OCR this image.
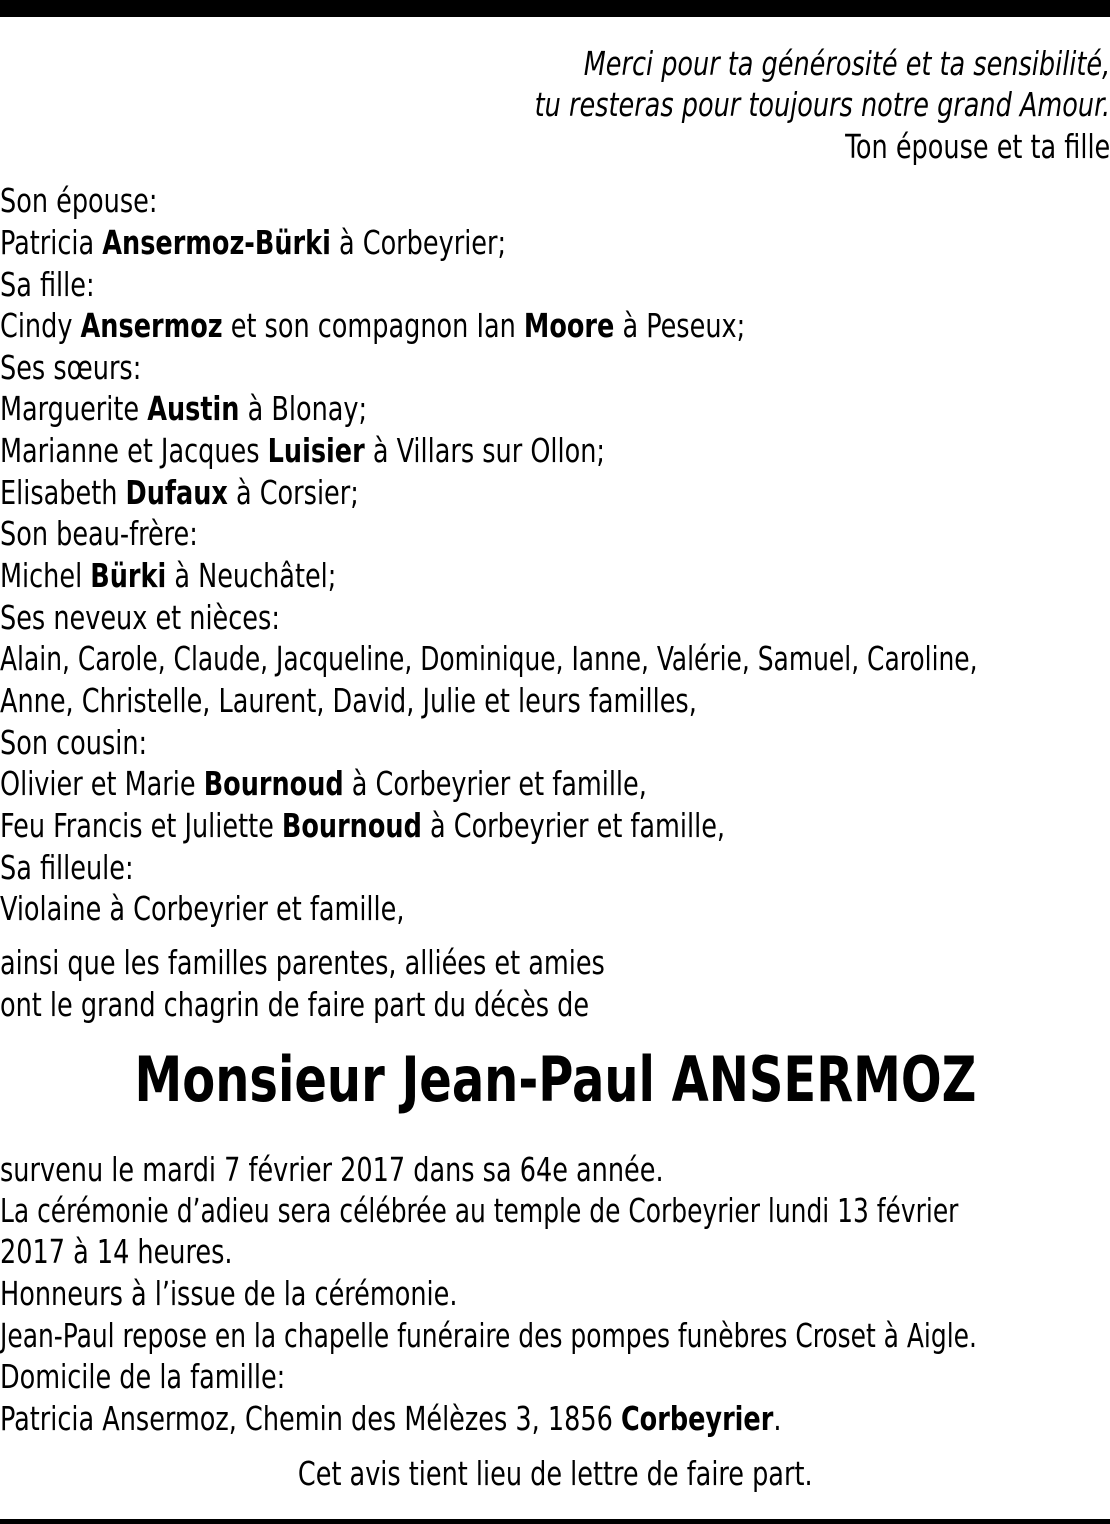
Merci pour ta générosité et ta sensibilité,
tu resteras pour toujours notre grand Amour.
Ton épouse et ta fille
Son épouse:
Patricia Ansermoz-Bürki à Corbeyrier;
Sa fille:
Cindy Ansermoz et son compagnon Ian Moore à Peseux;
Ses sœurs:
Marguerite Austin à Blonay;
Marianne et Jacques Luisier à Villars sur Ollon;
Elisabeth Dufaux à Corsier;
Son beau-frère:
Michel Bürki à Neuchâtel;
Ses neveux et nièces:
Alain, Carole, Claude, Jacqueline, Dominique, Ianne, Valérie, Samuel, Caroline,
Anne, Christelle, Laurent, David, Julie et leurs familles,
Son cousin:
Olivier et Marie Bournoud à Corbeyrier et famille,
Feu Francis et Juliette Bournoud à Corbeyrier et famille,
Sa filleule:
Violaine à Corbeyrier et famille,
ainsi que les familles parentes, alliées et amies
ont le grand chagrin de faire part du décès de
Monsieur Jean-Paul ANSERMOZ
survenu le mardi 7 février 2017 dans sa 64e année.
La cérémonie d’adieu sera célébrée au temple de Corbeyrier lundi 13 février
2017 à 14 heures.
Honneurs à l’issue de la cérémonie.
Jean-Paul repose en la chapelle funéraire des pompes funèbres Croset à Aigle.
Domicile de la famille:
Patricia Ansermoz, Chemin des Mélèzes 3, 1856 Corbeyrier.
Cet avis tient lieu de lettre de faire part.
